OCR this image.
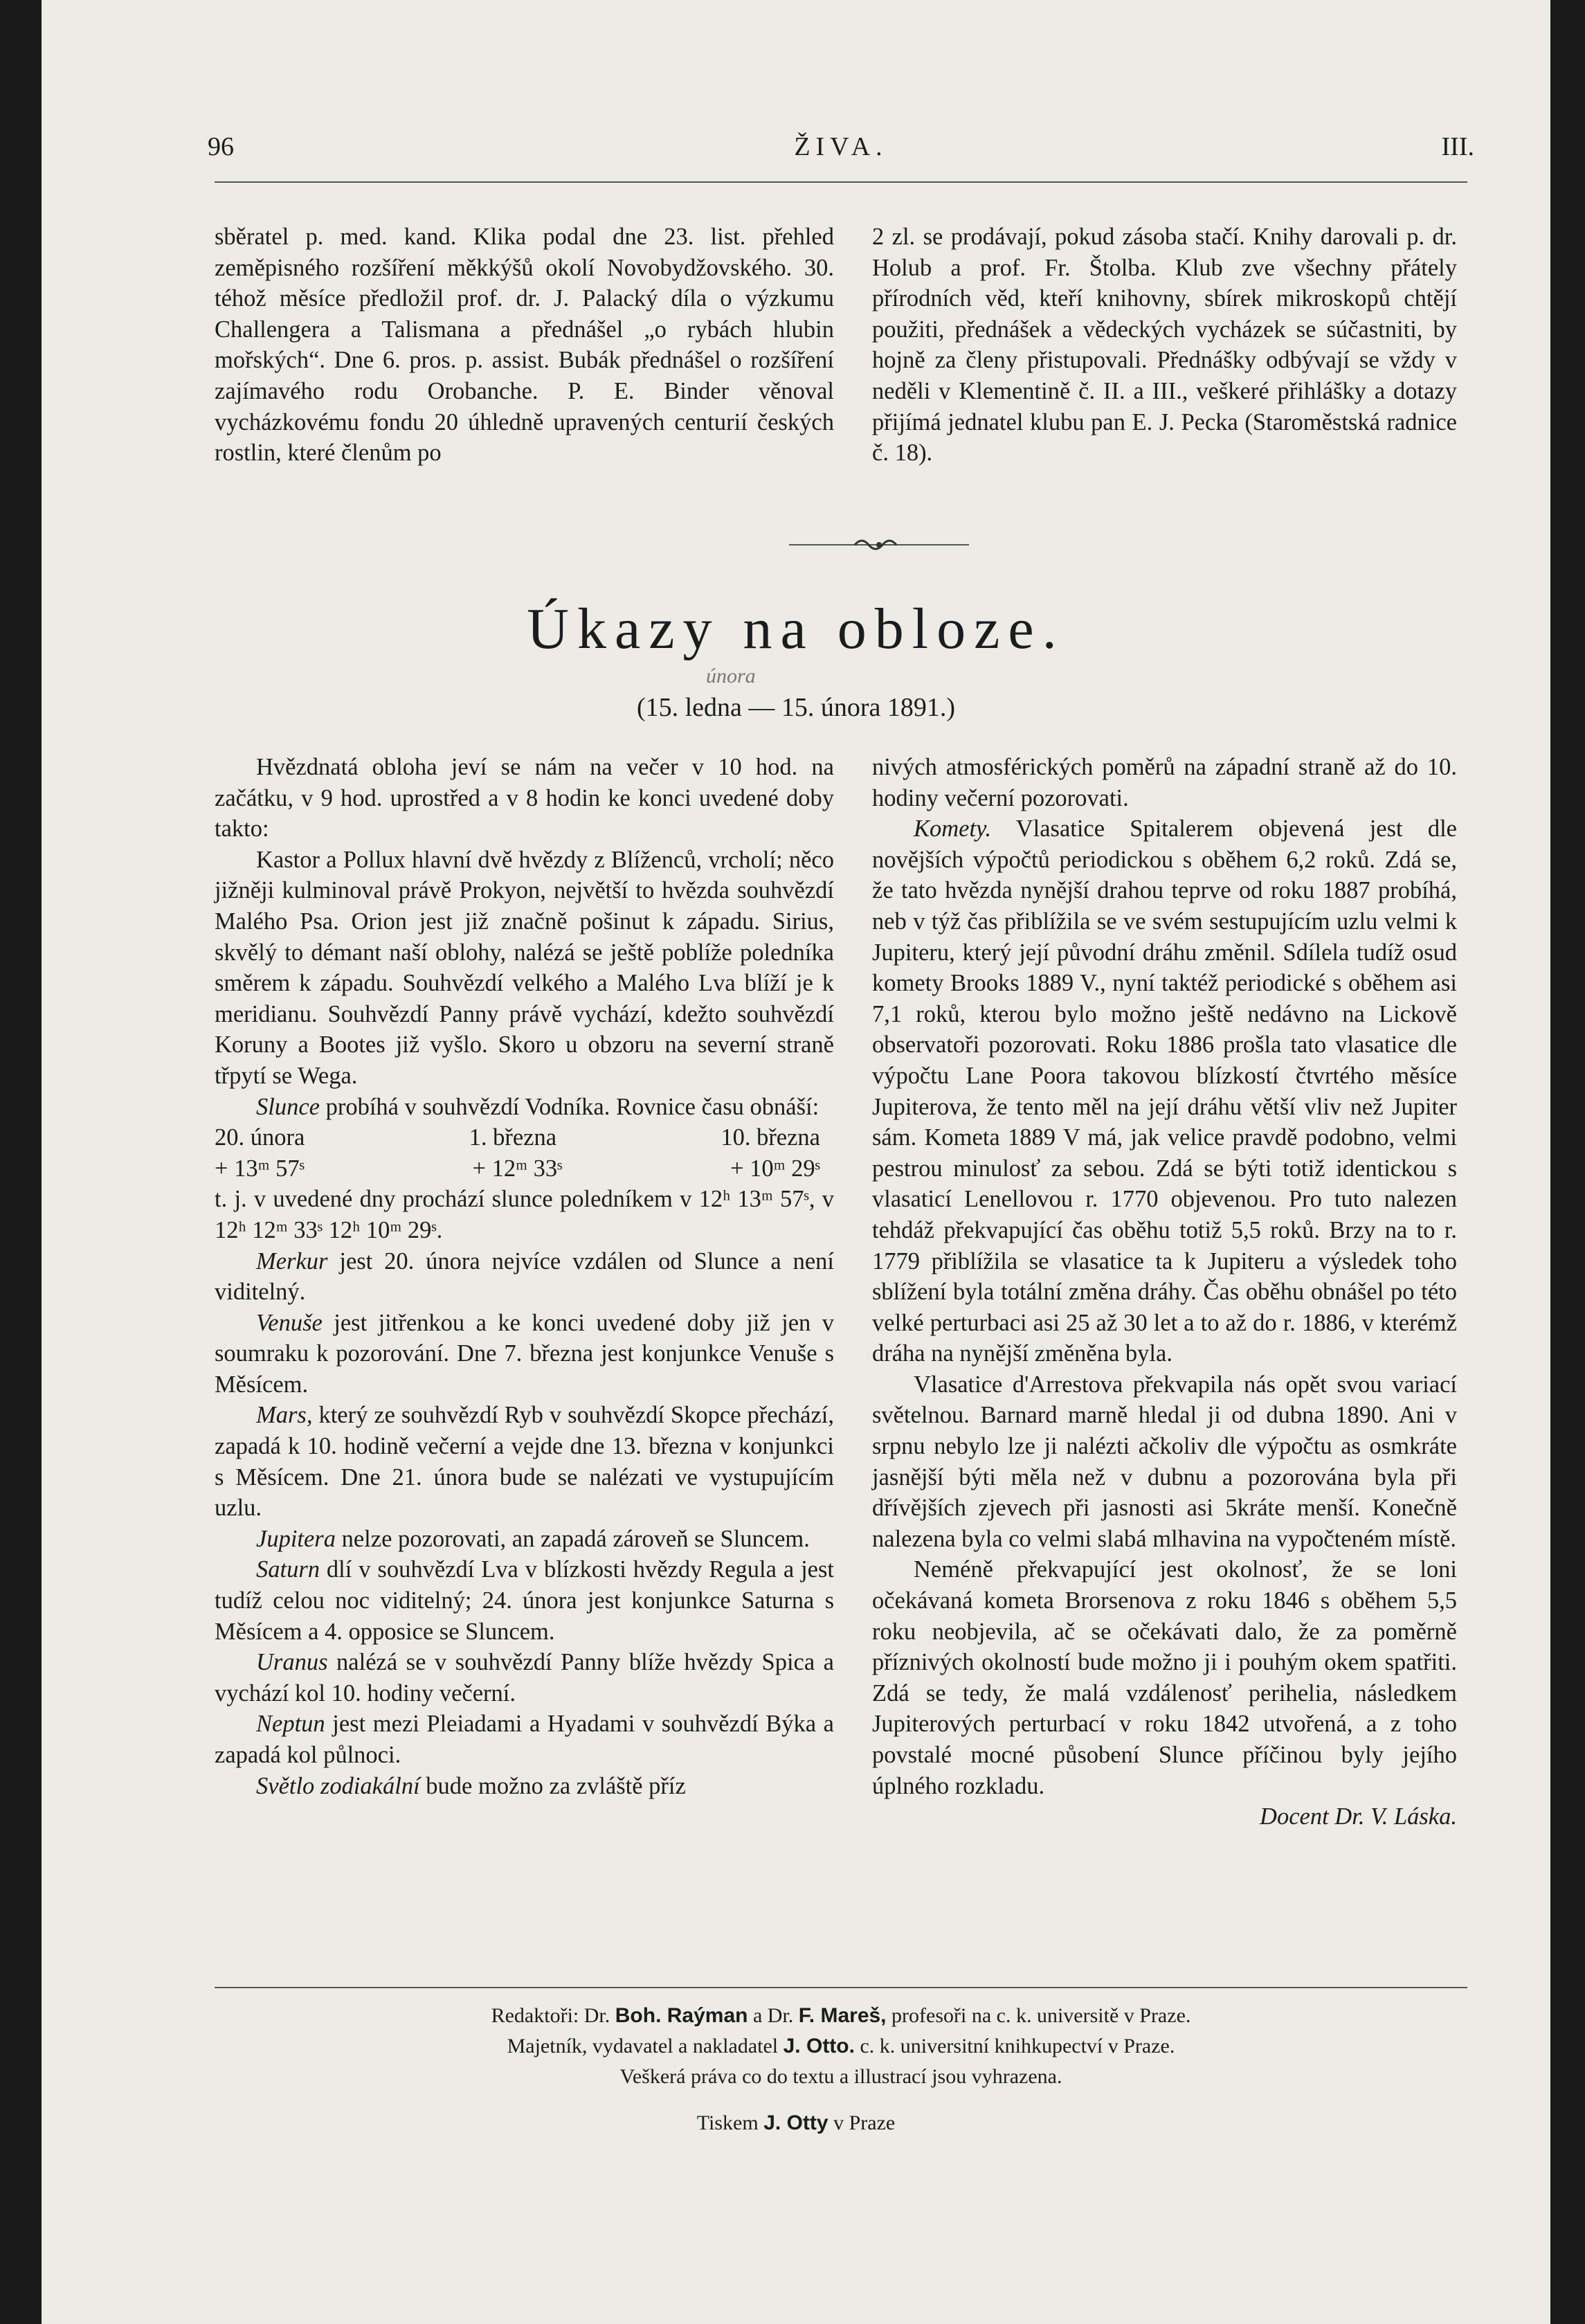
96	ŽIVA.	III.

sběratel p. med. kand. Klika podal dne 23. list. přehled zeměpisného rozšíření měkkýšů okolí Novobydžovského. 30. téhož měsíce předložil prof. dr. J. Palacký díla o výzkumu Challengera a Talismana a přednášel „o rybách hlubin mořských“. Dne 6. pros. p. assist. Bubák přednášel o rozšíření zajímavého rodu Orobanche. P. E. Binder věnoval vycházkovému fondu 20 úhledně upravených centurií českých rostlin, které členům po

2 zl. se prodávají, pokud zásoba stačí. Knihy darovali p. dr. Holub a prof. Fr. Štolba. Klub zve všechny přátely přírodních věd, kteří knihovny, sbírek mikroskopů chtějí použiti, přednášek a vědeckých vycházek se súčastniti, by hojně za členy přistupovali. Přednášky odbývají se vždy v neděli v Klementině č. II. a III., veškeré přihlášky a dotazy přijímá jednatel klubu pan E. J. Pecka (Staroměstská radnice č. 18).

Úkazy na obloze.
(15. ledna — 15. února 1891.)
února

Hvězdnatá obloha jeví se nám na večer v 10 hod. na začátku, v 9 hod. uprostřed a v 8 hodin ke konci uvedené doby takto:

Kastor a Pollux hlavní dvě hvězdy z Blíženců, vrcholí; něco jižněji kulminoval právě Prokyon, největší to hvězda souhvězdí Malého Psa. Orion jest již značně pošinut k západu. Sirius, skvělý to démant naší oblohy, nalézá se ještě poblíže poledníka směrem k západu. Souhvězdí velkého a Malého Lva blíží je k meridianu. Souhvězdí Panny právě vychází, kdežto souhvězdí Koruny a Bootes již vyšlo. Skoro u obzoru na severní straně třpytí se Wega.

Slunce probíhá v souhvězdí Vodníka. Rovnice času obnáší:

20. února	1. března	10. března
+ 13ᵐ 57ˢ	+ 12ᵐ 33ˢ	+ 10ᵐ 29ˢ

t. j. v uvedené dny prochází slunce poledníkem v 12ʰ 13ᵐ 57ˢ, v 12ʰ 12ᵐ 33ˢ 12ʰ 10ᵐ 29ˢ.

Merkur jest 20. února nejvíce vzdálen od Slunce a není viditelný.

Venuše jest jitřenkou a ke konci uvedené doby již jen v soumraku k pozorování. Dne 7. března jest konjunkce Venuše s Měsícem.

Mars, který ze souhvězdí Ryb v souhvězdí Skopce přechází, zapadá k 10. hodině večerní a vejde dne 13. března v konjunkci s Měsícem. Dne 21. února bude se nalézati ve vystupujícím uzlu.

Jupitera nelze pozorovati, an zapadá zároveň se Sluncem.

Saturn dlí v souhvězdí Lva v blízkosti hvězdy Regula a jest tudíž celou noc viditelný; 24. února jest konjunkce Saturna s Měsícem a 4. opposice se Sluncem.

Uranus nalézá se v souhvězdí Panny blíže hvězdy Spica a vychází kol 10. hodiny večerní.

Neptun jest mezi Pleiadami a Hyadami v souhvězdí Býka a zapadá kol půlnoci.

Světlo zodiakální bude možno za zvláště příz

nivých atmosférických poměrů na západní straně až do 10. hodiny večerní pozorovati.

Komety. Vlasatice Spitalerem objevená jest dle novějších výpočtů periodickou s oběhem 6,2 roků. Zdá se, že tato hvězda nynější drahou teprve od roku 1887 probíhá, neb v týž čas přiblížila se ve svém sestupujícím uzlu velmi k Jupiteru, který její původní dráhu změnil. Sdílela tudíž osud komety Brooks 1889 V., nyní taktéž periodické s oběhem asi 7,1 roků, kterou bylo možno ještě nedávno na Lickově observatoři pozorovati. Roku 1886 prošla tato vlasatice dle výpočtu Lane Poora takovou blízkostí čtvrtého měsíce Jupiterova, že tento měl na její dráhu větší vliv než Jupiter sám. Kometa 1889 V má, jak velice pravdě podobno, velmi pestrou minulosť za sebou. Zdá se býti totiž identickou s vlasaticí Lenellovou r. 1770 objevenou. Pro tuto nalezen tehdáž překvapující čas oběhu totiž 5,5 roků. Brzy na to r. 1779 přiblížila se vlasatice ta k Jupiteru a výsledek toho sblížení byla totální změna dráhy. Čas oběhu obnášel po této velké perturbaci asi 25 až 30 let a to až do r. 1886, v kterémž dráha na nynější změněna byla.

Vlasatice d'Arrestova překvapila nás opět svou variací světelnou. Barnard marně hledal ji od dubna 1890. Ani v srpnu nebylo lze ji nalézti ačkoliv dle výpočtu as osmkráte jasnější býti měla než v dubnu a pozorována byla při dřívějších zjevech při jasnosti asi 5kráte menší. Konečně nalezena byla co velmi slabá mlhavina na vypočteném místě.

Neméně překvapující jest okolnosť, že se loni očekávaná kometa Brorsenova z roku 1846 s oběhem 5,5 roku neobjevila, ač se očekávati dalo, že za poměrně příznivých okolností bude možno ji i pouhým okem spatřiti. Zdá se tedy, že malá vzdálenosť perihelia, následkem Jupiterových perturbací v roku 1842 utvořená, a z toho povstalé mocné působení Slunce příčinou byly jejího úplného rozkladu.

Docent Dr. V. Láska.

Redaktoři: Dr. Boh. Raýman a Dr. F. Mareš, profesoři na c. k. universitě v Praze.
Majetník, vydavatel a nakladatel J. Otto. c. k. universitní knihkupectví v Praze.
Veškerá práva co do textu a illustrací jsou vyhrazena.
Tiskem J. Otty v Praze
